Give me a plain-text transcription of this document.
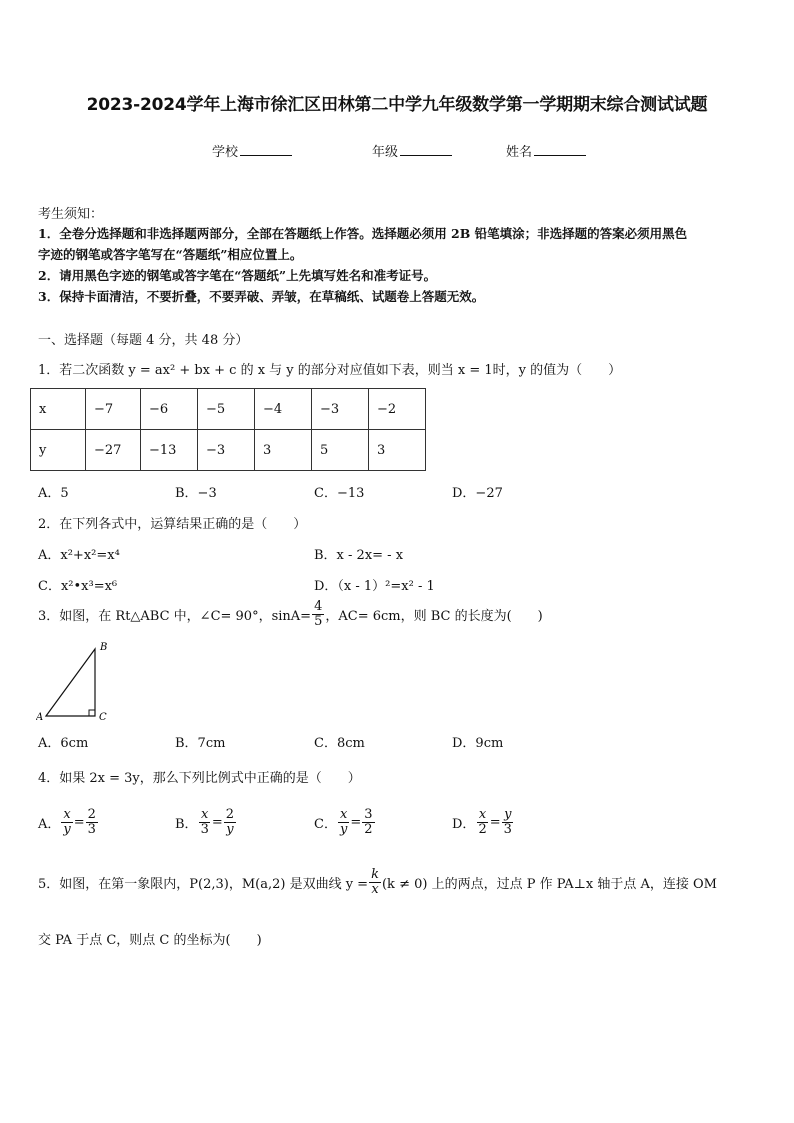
2023-2024学年上海市徐汇区田林第二中学九年级数学第一学期期末综合测试试题
学校	年级	姓名
考生须知：
1．全卷分选择题和非选择题两部分，全部在答题纸上作答。选择题必须用 2B 铅笔填涂；非选择题的答案必须用黑色
字迹的钢笔或答字笔写在“答题纸”相应位置上。
2．请用黑色字迹的钢笔或答字笔在“答题纸”上先填写姓名和准考证号。
3．保持卡面清洁，不要折叠，不要弄破、弄皱，在草稿纸、试题卷上答题无效。
一、选择题（每题 4 分，共 48 分）
1．若二次函数 y = ax² + bx + c 的 x 与 y 的部分对应值如下表，则当 x = 1时，y 的值为（　　）
x	−7	−6	−5	−4	−3	−2
y	−27	−13	−3	3	5	3
A．5	B．−3	C．−13	D．−27
2．在下列各式中，运算结果正确的是（　　）
A．x²+x²=x⁴	B．x - 2x= - x
C．x²•x³=x⁶	D．（x - 1）²=x² - 1
3．如图，在 Rt△ABC 中，∠C= 90°，$\sin A= \frac{4}{5}$ ，AC= 6cm，则 BC 的长度为(　　)
A
B
C
A．6cm	B．7cm	C．8cm	D．9cm
4．如果 2x = 3y，那么下列比例式中正确的是（　　）
A． $\frac{x}{y} = \frac{2}{3}$	B． $\frac{x}{3} = \frac{2}{y}$	C． $\frac{x}{y} = \frac{3}{2}$	D． $\frac{x}{2} = \frac{y}{3}$
5．如图，在第一象限内，P(2,3)，M(a,2) 是双曲线 $y = \frac{k}{x} (k \ne 0)$ 上的两点，过点 P 作 PA⊥x 轴于点 A，连接 OM
交 PA 于点 C，则点 C 的坐标为(　　)
